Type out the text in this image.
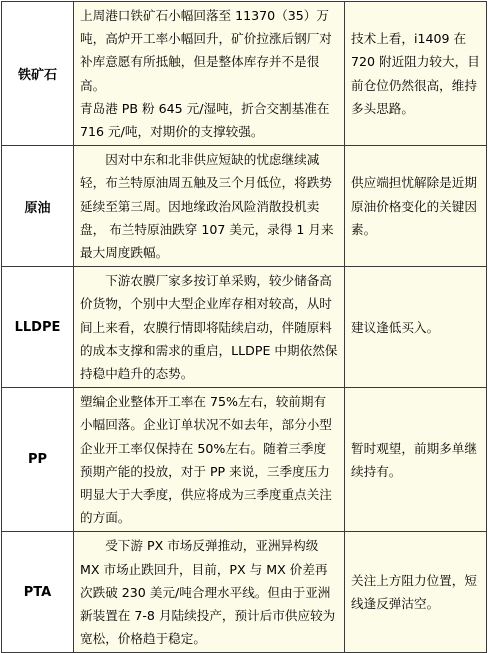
铁矿石	上周港口铁矿石小幅回落至 11370（35）万吨，高炉开工率小幅回升，矿价拉涨后钢厂对补库意愿有所抵触，但是整体库存并不是很高。

青岛港 PB 粉 645 元/湿吨，折合交割基准在 716 元/吨，对期价的支撑较强。	技术上看，i1409 在 720 附近阻力较大，目前仓位仍然很高，维持多头思路。

原油	因对中东和北非供应短缺的忧虑继续减轻，布兰特原油周五触及三个月低位，将跌势延续至第三周。因地缘政治风险消散投机卖盘， 布兰特原油跌穿 107 美元，录得 1 月来最大周度跌幅。	供应端担忧解除是近期原油价格变化的关键因素。

LLDPE	下游农膜厂家多按订单采购，较少储备高价货物，个别中大型企业库存相对较高，从时间上来看，农膜行情即将陆续启动，伴随原料的成本支撑和需求的重启，LLDPE 中期依然保持稳中趋升的态势。	建议逢低买入。

PP	塑编企业整体开工率在 75%左右，较前期有小幅回落。企业订单状况不如去年，部分小型企业开工率仅保持在 50%左右。随着三季度预期产能的投放，对于 PP 来说，三季度压力明显大于大季度，供应将成为三季度重点关注的方面。	暂时观望，前期多单继续持有。

PTA	受下游 PX 市场反弹推动，亚洲异构级 MX 市场止跌回升，目前，PX 与 MX 价差再次跌破 230 美元/吨合理水平线。但由于亚洲新装置在 7-8 月陆续投产，预计后市供应较为宽松，价格趋于稳定。	关注上方阻力位置，短线逢反弹沽空。
